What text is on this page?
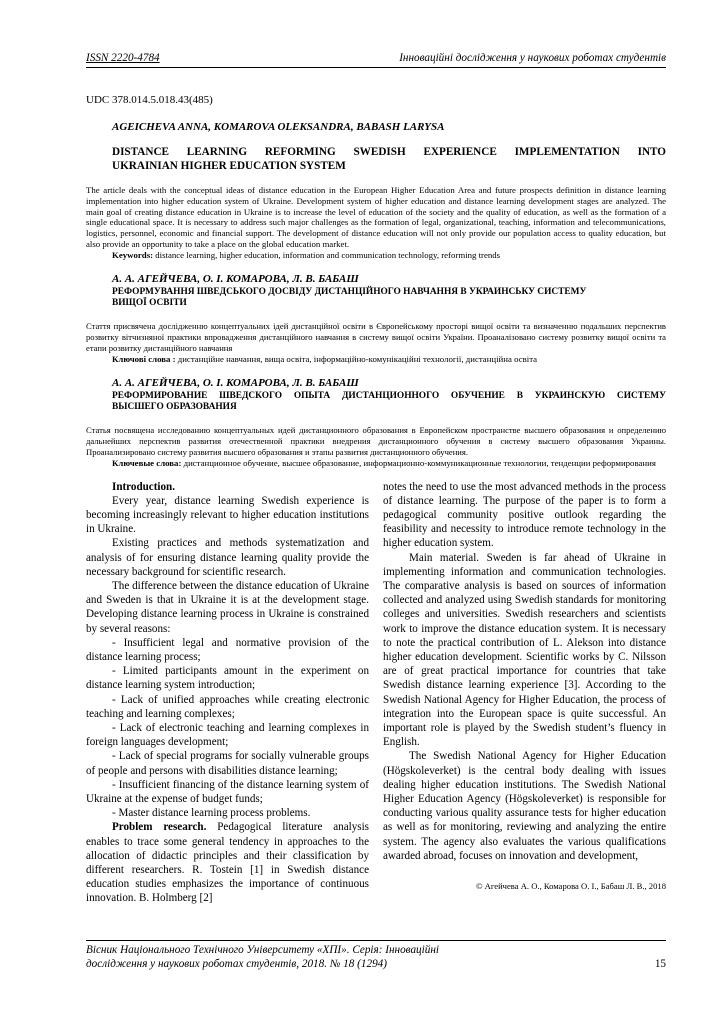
ISSN 2220-4784	Інноваційні дослідження у наукових роботах студентів
UDC 378.014.5.018.43(485)
AGEICHEVA ANNA, KOMAROVA OLEKSANDRA, BABASH LARYSA
DISTANCE LEARNING REFORMING SWEDISH EXPERIENCE IMPLEMENTATION INTO
UKRAINIAN HIGHER EDUCATION SYSTEM
The article deals with the conceptual ideas of distance education in the European Higher Education Area and future prospects definition in distance learning implementation into higher education system of Ukraine. Development system of higher education and distance learning development stages are analyzed. The main goal of creating distance education in Ukraine is to increase the level of education of the society and the quality of education, as well as the formation of a single educational space. It is necessary to address such major challenges as the formation of legal, organizational, teaching, information and telecommunications, logistics, personnel, economic and financial support. The development of distance education will not only provide our population access to quality education, but also provide an opportunity to take a place on the global education market.
Keywords: distance learning, higher education, information and communication technology, reforming trends
А. А. АГЕЙЧЕВА, О. І. КОМАРОВА, Л. В. БАБАШ
РЕФОРМУВАННЯ ШВЕДСЬКОГО ДОСВІДУ ДИСТАНЦІЙНОГО НАВЧАННЯ В УКРАИНСЬКУ СИСТЕМУ
ВИЩОЇ ОСВІТИ
Стаття присвячена дослідженню концептуальних ідей дистанційної освіти в Європейському просторі вищої освіти та визначенню подальших перспектив розвитку вітчизняної практики впровадження дистанційного навчання в систему вищої освіти України. Проаналізовано систему розвитку вищої освіти та етапи розвитку дистанційного навчання
Ключові слова : дистанційне навчання, вища освіта, інформаційно-комунікаційні технології, дистанційна освіта
А. А. АГЕЙЧЕВА, О. І. КОМАРОВА, Л. В. БАБАШ
РЕФОРМИРОВАНИЕ ШВЕДСКОГО ОПЫТА ДИСТАНЦИОННОГО ОБУЧЕНИЕ В УКРАИНСКУЮ СИСТЕМУ
ВЫСШЕГО ОБРАЗОВАНИЯ
Статья посвящена исследованию концептуальных идей дистанционного образования в Европейском пространстве высшего образования и определению дальнейших перспектив развития отечественной практики внедрения дистанционного обучения в систему высшего образования Украины. Проанализировано систему развития высшего образования и этапы развития дистанционного обучения.
Ключевые слова: дистанционное обучение, высшее образование, информационно-коммуникационные технологии, тенденции реформирования

Introduction.

Every year, distance learning Swedish experience is becoming increasingly relevant to higher education institutions in Ukraine.

Existing practices and methods systematization and analysis of for ensuring distance learning quality provide the necessary background for scientific research.

The difference between the distance education of Ukraine and Sweden is that in Ukraine it is at the development stage. Developing distance learning process in Ukraine is constrained by several reasons:

- Insufficient legal and normative provision of the distance learning process;

- Limited participants amount in the experiment on distance learning system introduction;

- Lack of unified approaches while creating electronic teaching and learning complexes;

- Lack of electronic teaching and learning complexes in foreign languages development;

- Lack of special programs for socially vulnerable groups of people and persons with disabilities distance learning;

- Insufficient financing of the distance learning system of Ukraine at the expense of budget funds;

- Master distance learning process problems.

Problem research. Pedagogical literature analysis enables to trace some general tendency in approaches to the allocation of didactic principles and their classification by different researchers. R. Tostein [1] in Swedish distance education studies emphasizes the importance of continuous innovation. B. Holmberg [2]

notes the need to use the most advanced methods in the process of distance learning. The purpose of the paper is to form a pedagogical community positive outlook regarding the feasibility and necessity to introduce remote technology in the higher education system.

Main material. Sweden is far ahead of Ukraine in implementing information and communication technologies. The comparative analysis is based on sources of information collected and analyzed using Swedish standards for monitoring colleges and universities. Swedish researchers and scientists work to improve the distance education system. It is necessary to note the practical contribution of L. Alekson into distance higher education development. Scientific works by C. Nilsson are of great practical importance for countries that take Swedish distance learning experience [3]. According to the Swedish National Agency for Higher Education, the process of integration into the European space is quite successful. An important role is played by the Swedish student’s fluency in English.

The Swedish National Agency for Higher Education (Högskoleverket) is the central body dealing with issues dealing higher education institutions. The Swedish National Higher Education Agency (Högskoleverket) is responsible for conducting various quality assurance tests for higher education as well as for monitoring, reviewing and analyzing the entire system. The agency also evaluates the various qualifications awarded abroad, focuses on innovation and development,

© Агейчева А. О., Комарова О. І., Бабаш Л. В., 2018
Вісник Національного Технічного Університету «ХПІ». Серія: Інноваційні
дослідження у наукових роботах студентів, 2018. № 18 (1294)	15
